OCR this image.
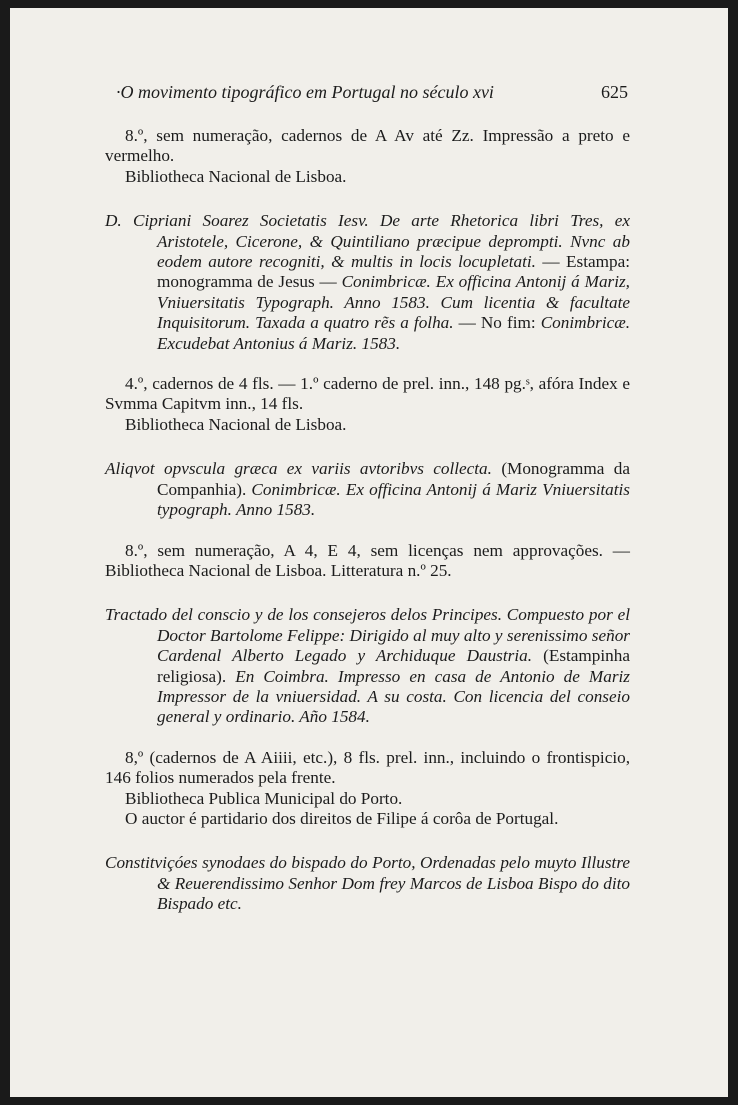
·O movimento tipográfico em Portugal no século xvi	625

8.º, sem numeração, cadernos de A Av até Zz. Impressão a preto e vermelho.

Bibliotheca Nacional de Lisboa.

D. Cipriani Soarez Societatis Iesv. De arte Rhetorica libri Tres, ex Aristotele, Cicerone, & Quintiliano præcipue deprompti. Nvnc ab eodem autore recogniti, & multis in locis locupletati. — Estampa: monogramma de Jesus — Conimbricæ. Ex officina Antonij á Mariz, Vniuersitatis Typograph. Anno 1583. Cum licentia & facultate Inquisitorum. Taxada a quatro rẽs a folha. — No fim: Conimbricæ. Excudebat Antonius á Mariz. 1583.

4.º, cadernos de 4 fls. — 1.º caderno de prel. inn., 148 pg.ˢ, afóra Index e Svmma Capitvm inn., 14 fls.

Bibliotheca Nacional de Lisboa.

Aliqvot opvscula græca ex variis avtoribvs collecta. (Monogramma da Companhia). Conimbricæ. Ex officina Antonij á Mariz Vniuersitatis typograph. Anno 1583.

8.º, sem numeração, A 4, E 4, sem licenças nem approvações. — Bibliotheca Nacional de Lisboa. Litteratura n.º 25.

Tractado del conscio y de los consejeros delos Principes. Compuesto por el Doctor Bartolome Felippe: Dirigido al muy alto y serenissimo señor Cardenal Alberto Legado y Archiduque Daustria. (Estampinha religiosa). En Coimbra. Impresso en casa de Antonio de Mariz Impressor de la vniuersidad. A su costa. Con licencia del conseio general y ordinario. Año 1584.

8,º (cadernos de A Aiiii, etc.), 8 fls. prel. inn., incluindo o frontispicio, 146 folios numerados pela frente.

Bibliotheca Publica Municipal do Porto.

O auctor é partidario dos direitos de Filipe á corôa de Portugal.

Constitviçóes synodaes do bispado do Porto, Ordenadas pelo muyto Illustre & Reuerendissimo Senhor Dom frey Marcos de Lisboa Bispo do dito Bispado etc.
